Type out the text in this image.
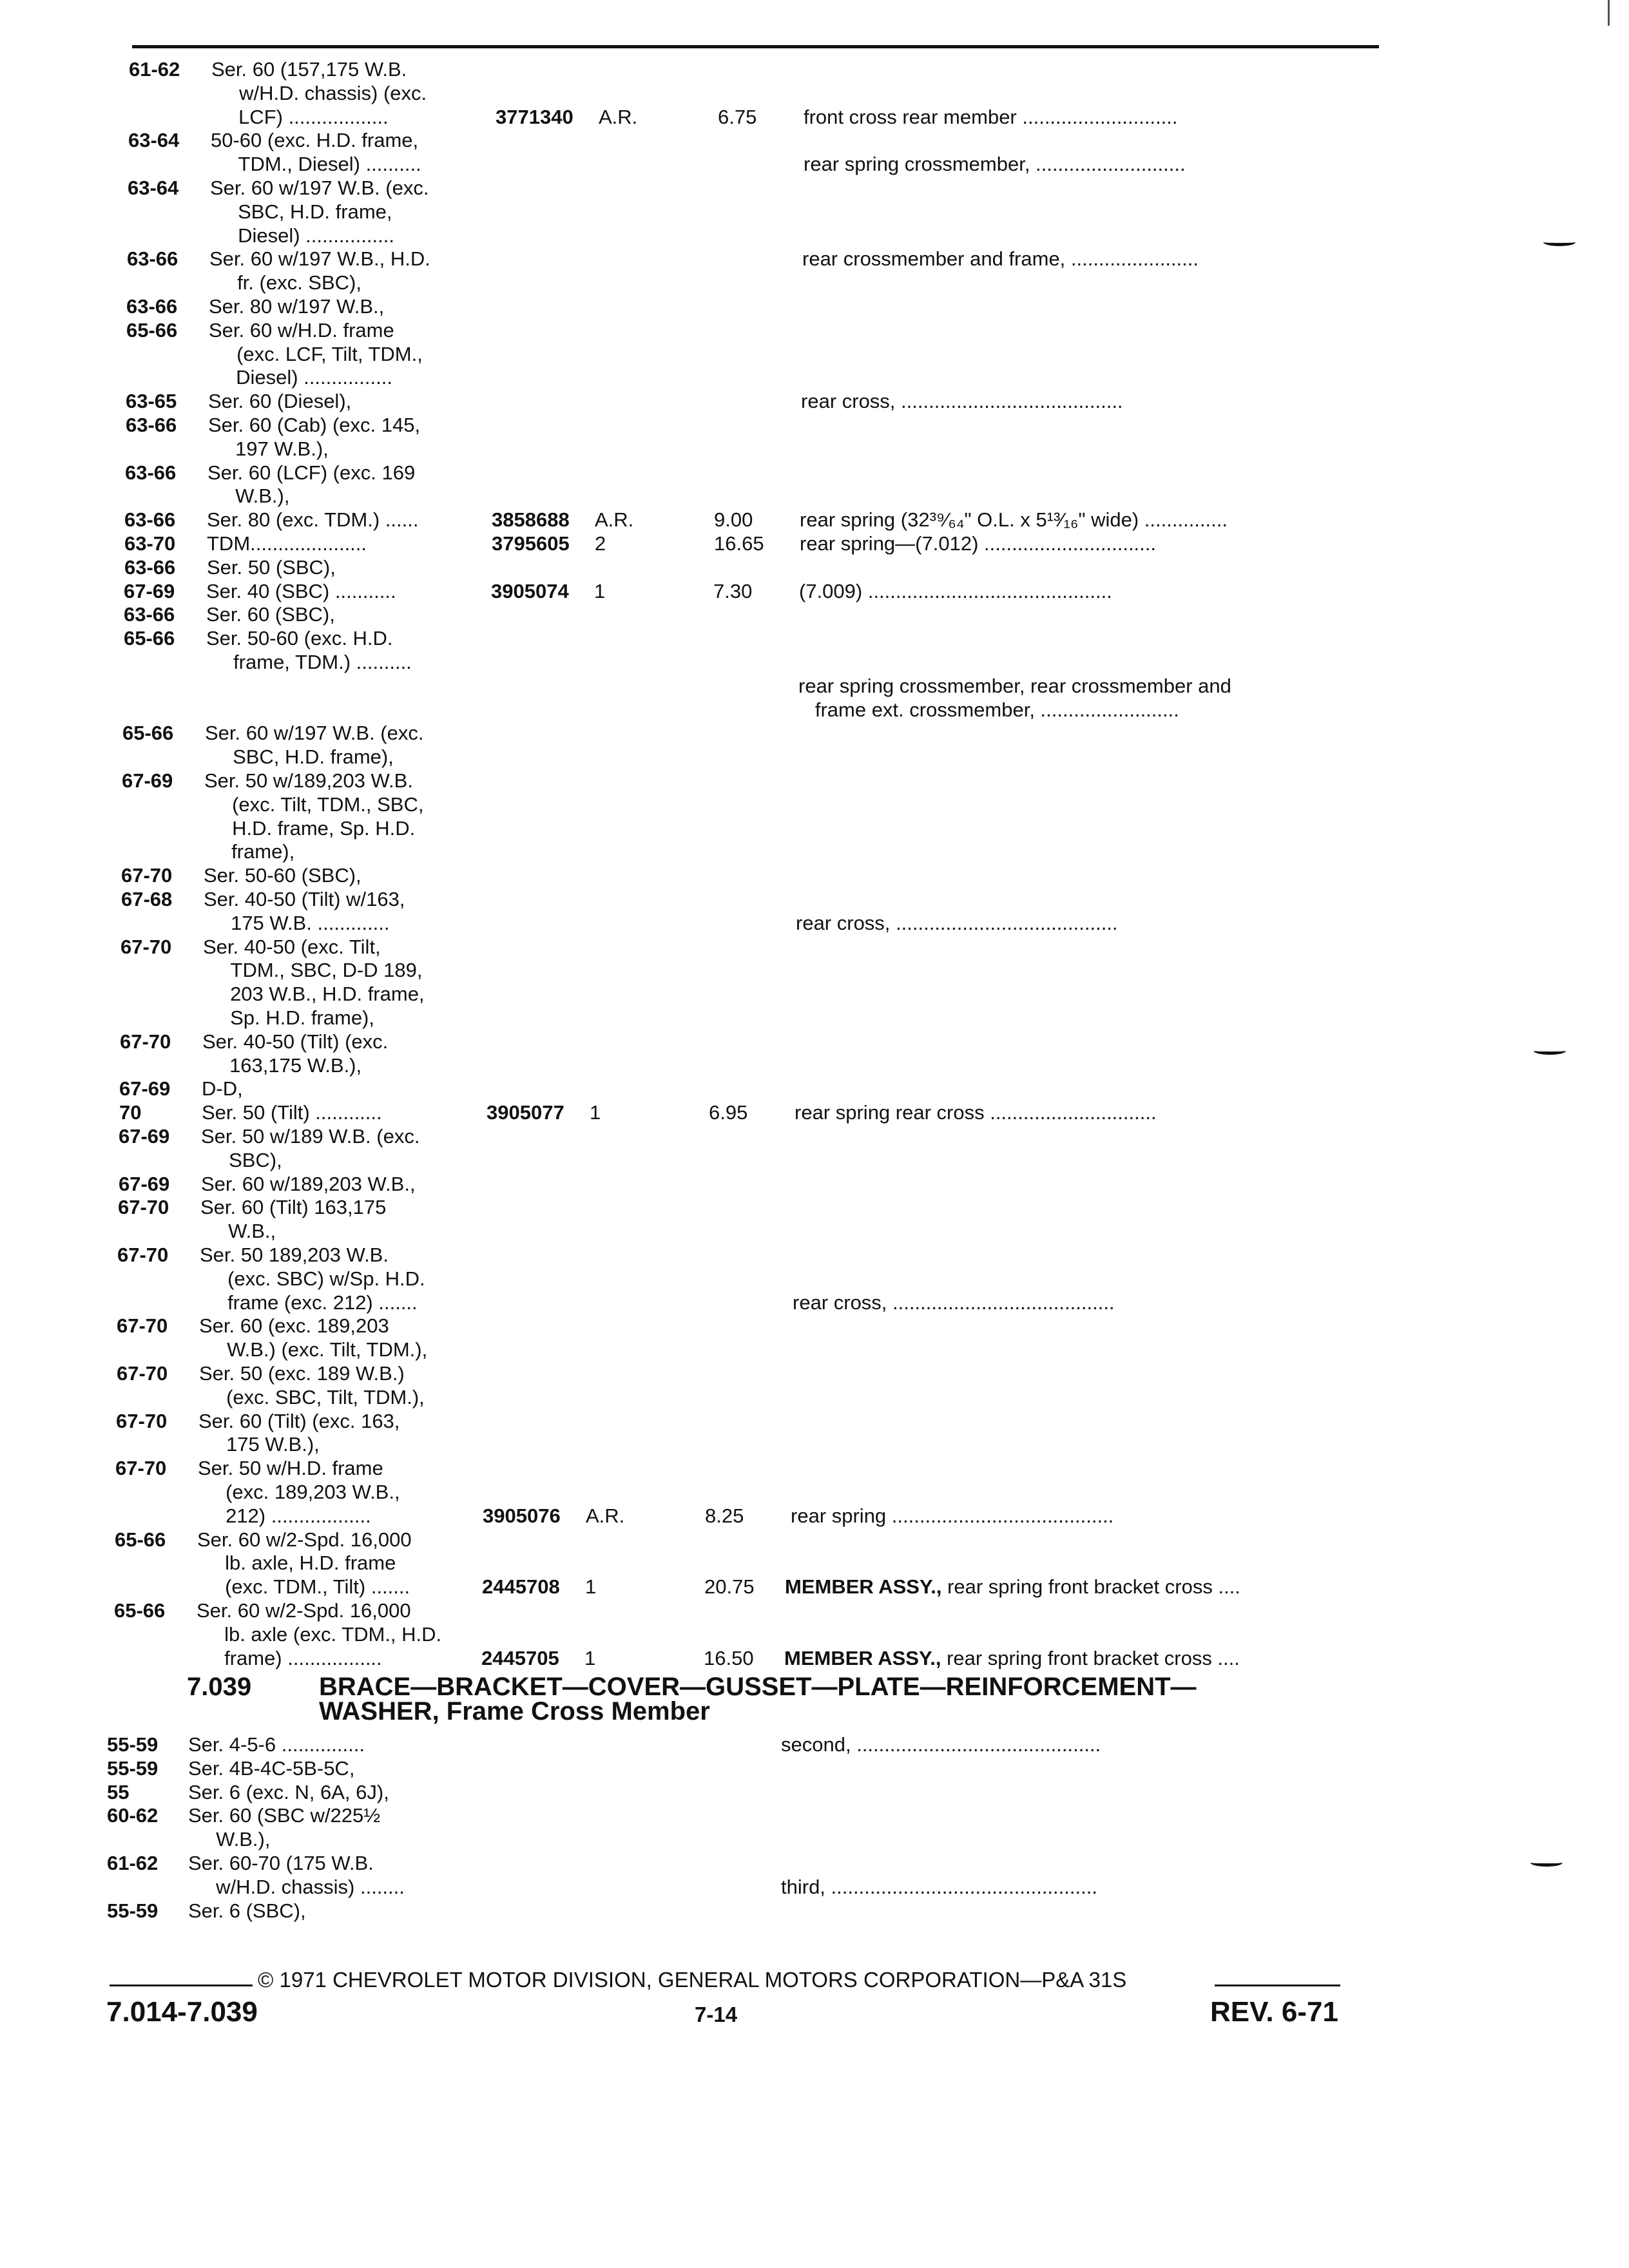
61-62 Ser. 60 (157,175 W.B.
w/H.D. chassis) (exc.
LCF) ..................	3771340 A.R.	6.75 front cross rear member ............................
63-64 50-60 (exc. H.D. frame,
TDM., Diesel) ..........	rear spring crossmember, ...........................
63-64 Ser. 60 w/197 W.B. (exc.
SBC, H.D. frame,
Diesel) ................
63-66 Ser. 60 w/197 W.B., H.D.	rear crossmember and frame, .......................
fr. (exc. SBC),
63-66 Ser. 80 w/197 W.B.,
65-66 Ser. 60 w/H.D. frame
(exc. LCF, Tilt, TDM.,
Diesel) ................
63-65 Ser. 60 (Diesel),	rear cross, ........................................
63-66 Ser. 60 (Cab) (exc. 145,
197 W.B.),
63-66 Ser. 60 (LCF) (exc. 169
W.B.),
63-66 Ser. 80 (exc. TDM.) ......	3858688 A.R.	9.00 rear spring (32³⁹⁄₆₄" O.L. x 5¹³⁄₁₆" wide) ...............
63-70 TDM.....................	3795605 2	16.65 rear spring—(7.012) ...............................
63-66 Ser. 50 (SBC),
67-69 Ser. 40 (SBC) ...........	3905074 1	7.30 (7.009) ............................................
63-66 Ser. 60 (SBC),
65-66 Ser. 50-60 (exc. H.D.
frame, TDM.) ..........
rear spring crossmember, rear crossmember and
frame ext. crossmember, .........................
65-66 Ser. 60 w/197 W.B. (exc.
SBC, H.D. frame),
67-69 Ser. 50 w/189,203 W.B.
(exc. Tilt, TDM., SBC,
H.D. frame, Sp. H.D.
frame),
67-70 Ser. 50-60 (SBC),
67-68 Ser. 40-50 (Tilt) w/163,
175 W.B. .............	rear cross, ........................................
67-70 Ser. 40-50 (exc. Tilt,
TDM., SBC, D-D 189,
203 W.B., H.D. frame,
Sp. H.D. frame),
67-70 Ser. 40-50 (Tilt) (exc.
163,175 W.B.),
67-69 D-D,
70	Ser. 50 (Tilt) ............	3905077 1	6.95 rear spring rear cross ..............................
67-69 Ser. 50 w/189 W.B. (exc.
SBC),
67-69 Ser. 60 w/189,203 W.B.,
67-70 Ser. 60 (Tilt) 163,175
W.B.,
67-70 Ser. 50 189,203 W.B.
(exc. SBC) w/Sp. H.D.
frame (exc. 212) .......	rear cross, ........................................
67-70 Ser. 60 (exc. 189,203
W.B.) (exc. Tilt, TDM.),
67-70 Ser. 50 (exc. 189 W.B.)
(exc. SBC, Tilt, TDM.),
67-70 Ser. 60 (Tilt) (exc. 163,
175 W.B.),
67-70 Ser. 50 w/H.D. frame
(exc. 189,203 W.B.,
212) ..................	3905076 A.R.	8.25 rear spring ........................................
65-66 Ser. 60 w/2-Spd. 16,000
lb. axle, H.D. frame
(exc. TDM., Tilt) .......	2445708 1	20.75 MEMBER ASSY., rear spring front bracket cross ....
65-66 Ser. 60 w/2-Spd. 16,000
lb. axle (exc. TDM., H.D.
frame) .................	2445705 1	16.50 MEMBER ASSY., rear spring front bracket cross ....
7.039	BRACE—BRACKET—COVER—GUSSET—PLATE—REINFORCEMENT—
WASHER, Frame Cross Member
55-59 Ser. 4-5-6 ...............	second, ............................................
55-59 Ser. 4B-4C-5B-5C,
55	Ser. 6 (exc. N, 6A, 6J),
60-62 Ser. 60 (SBC w/225½
W.B.),
61-62 Ser. 60-70 (175 W.B.
w/H.D. chassis) ........	third, ................................................
55-59 Ser. 6 (SBC),
© 1971 CHEVROLET MOTOR DIVISION, GENERAL MOTORS CORPORATION—P&A 31S
7.014-7.039	7-14	REV. 6-71
